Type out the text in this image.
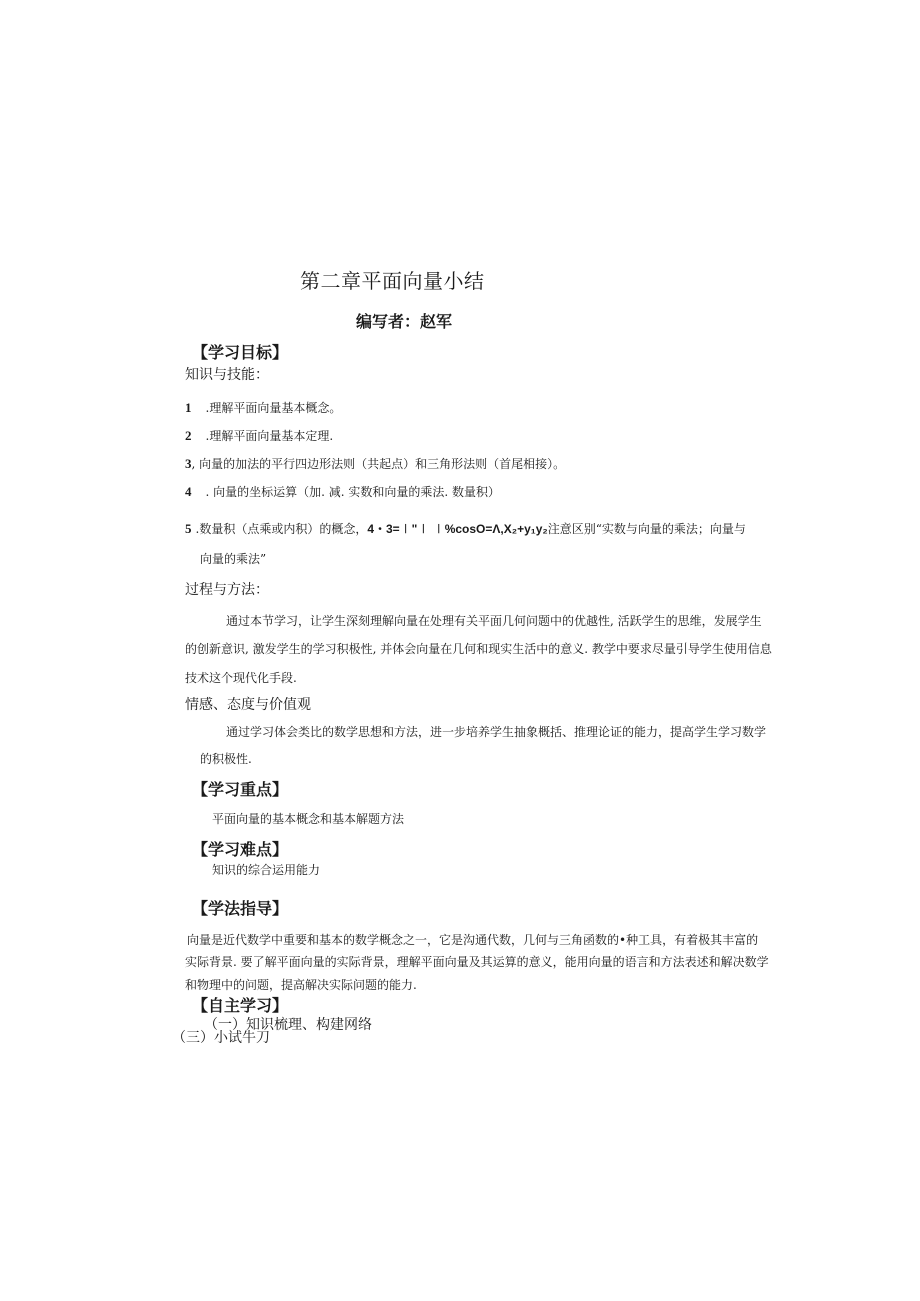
第二章平面向量小结
编写者：赵军
【学习目标】
知识与技能：
1 .理解平面向量基本概念。
2 .理解平面向量基本定理.
3, 向量的加法的平行四边形法则（共起点）和三角形法则（首尾相接）。
4 . 向量的坐标运算（加. 减. 实数和向量的乘法. 数量积）
5 .数量积（点乘或内积）的概念，4・3=∣"∣ ∣%cosO=Λ,X₂+y₁y₂注意区别“实数与向量的乘法；向量与
向量的乘法”
过程与方法：
通过本节学习，让学生深刻理解向量在处理有关平面几何问题中的优越性, 活跃学生的思维，发展学生
的创新意识, 激发学生的学习积极性, 并体会向量在几何和现实生活中的意义. 教学中要求尽量引导学生使用信息
技术这个现代化手段.
情感、态度与价值观
通过学习体会类比的数学思想和方法，进一步培养学生抽象概括、推理论证的能力，提高学生学习数学
的积极性.
【学习重点】
平面向量的基本概念和基本解题方法
【学习难点】
知识的综合运用能力
【学法指导】
向量是近代数学中重要和基本的数学概念之一，它是沟通代数，几何与三角函数的•种工具，有着极其丰富的
实际背景. 要了解平面向量的实际背景，理解平面向量及其运算的意义，能用向量的语言和方法表述和解决数学
和物理中的问题，提高解决实际问题的能力.
【自主学习】
（一）知识梳理、构建网络
（三）小试牛刀
